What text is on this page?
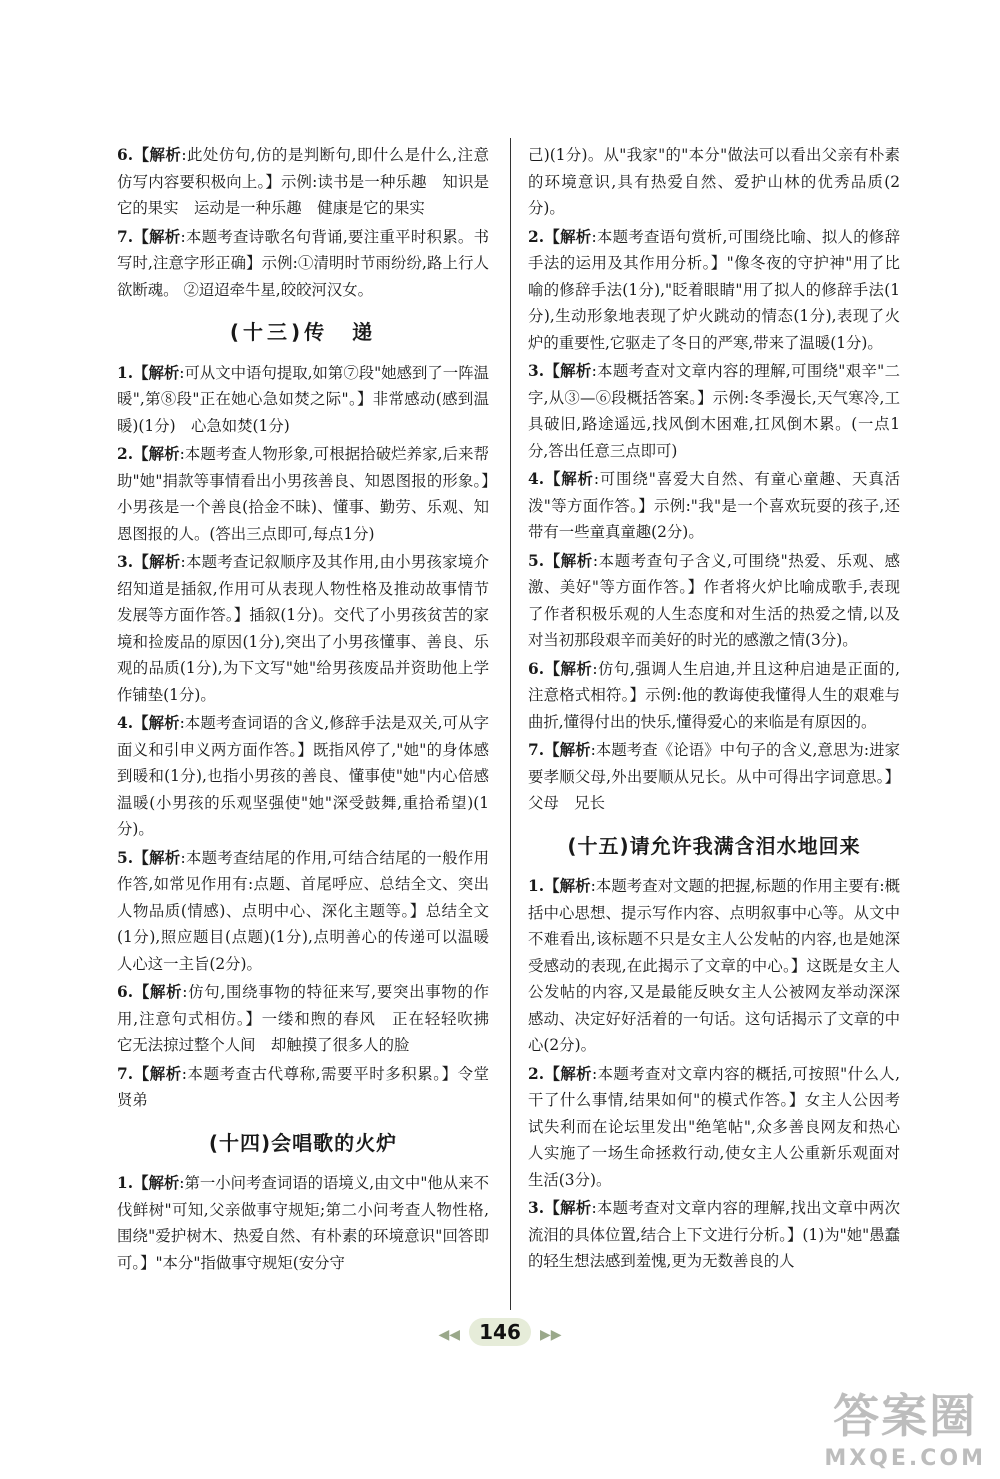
6.【解析:此处仿句,仿的是判断句,即什么是什么,注意仿写内容要积极向上。】示例:读书是一种乐趣　知识是它的果实　运动是一种乐趣　健康是它的果实

7.【解析:本题考查诗歌名句背诵,要注重平时积累。书写时,注意字形正确】示例:①清明时节雨纷纷,路上行人欲断魂。 ②迢迢牵牛星,皎皎河汉女。

(十三)传　递

1.【解析:可从文中语句提取,如第⑦段"她感到了一阵温暖",第⑧段"正在她心急如焚之际"。】非常感动(感到温暖)(1分)　心急如焚(1分)

2.【解析:本题考查人物形象,可根据拾破烂养家,后来帮助"她"捐款等事情看出小男孩善良、知恩图报的形象。】小男孩是一个善良(拾金不昧)、懂事、勤劳、乐观、知恩图报的人。(答出三点即可,每点1分)

3.【解析:本题考查记叙顺序及其作用,由小男孩家境介绍知道是插叙,作用可从表现人物性格及推动故事情节发展等方面作答。】插叙(1分)。交代了小男孩贫苦的家境和捡废品的原因(1分),突出了小男孩懂事、善良、乐观的品质(1分),为下文写"她"给男孩废品并资助他上学作铺垫(1分)。

4.【解析:本题考查词语的含义,修辞手法是双关,可从字面义和引申义两方面作答。】既指风停了,"她"的身体感到暖和(1分),也指小男孩的善良、懂事使"她"内心倍感温暖(小男孩的乐观坚强使"她"深受鼓舞,重拾希望)(1分)。

5.【解析:本题考查结尾的作用,可结合结尾的一般作用作答,如常见作用有:点题、首尾呼应、总结全文、突出人物品质(情感)、点明中心、深化主题等。】总结全文(1分),照应题目(点题)(1分),点明善心的传递可以温暖人心这一主旨(2分)。

6.【解析:仿句,围绕事物的特征来写,要突出事物的作用,注意句式相仿。】一缕和煦的春风　正在轻轻吹拂　它无法掠过整个人间　却触摸了很多人的脸

7.【解析:本题考查古代尊称,需要平时多积累。】令堂　贤弟

(十四)会唱歌的火炉

1.【解析:第一小问考查词语的语境义,由文中"他从来不伐鲜树"可知,父亲做事守规矩;第二小问考查人物性格,围绕"爱护树木、热爱自然、有朴素的环境意识"回答即可。】"本分"指做事守规矩(安分守

己)(1分)。从"我家"的"本分"做法可以看出父亲有朴素的环境意识,具有热爱自然、爱护山林的优秀品质(2分)。

2.【解析:本题考查语句赏析,可围绕比喻、拟人的修辞手法的运用及其作用分析。】"像冬夜的守护神"用了比喻的修辞手法(1分),"眨着眼睛"用了拟人的修辞手法(1分),生动形象地表现了炉火跳动的情态(1分),表现了火炉的重要性,它驱走了冬日的严寒,带来了温暖(1分)。

3.【解析:本题考查对文章内容的理解,可围绕"艰辛"二字,从③—⑥段概括答案。】示例:冬季漫长,天气寒冷,工具破旧,路途遥远,找风倒木困难,扛风倒木累。(一点1分,答出任意三点即可)

4.【解析:可围绕"喜爱大自然、有童心童趣、天真活泼"等方面作答。】示例:"我"是一个喜欢玩耍的孩子,还带有一些童真童趣(2分)。

5.【解析:本题考查句子含义,可围绕"热爱、乐观、感激、美好"等方面作答。】作者将火炉比喻成歌手,表现了作者积极乐观的人生态度和对生活的热爱之情,以及对当初那段艰辛而美好的时光的感激之情(3分)。

6.【解析:仿句,强调人生启迪,并且这种启迪是正面的,注意格式相符。】示例:他的教诲使我懂得人生的艰难与曲折,懂得付出的快乐,懂得爱心的来临是有原因的。

7.【解析:本题考查《论语》中句子的含义,意思为:进家要孝顺父母,外出要顺从兄长。从中可得出字词意思。】父母　兄长

(十五)请允许我满含泪水地回来

1.【解析:本题考查对文题的把握,标题的作用主要有:概括中心思想、提示写作内容、点明叙事中心等。从文中不难看出,该标题不只是女主人公发帖的内容,也是她深受感动的表现,在此揭示了文章的中心。】这既是女主人公发帖的内容,又是最能反映女主人公被网友举动深深感动、决定好好活着的一句话。这句话揭示了文章的中心(2分)。

2.【解析:本题考查对文章内容的概括,可按照"什么人,干了什么事情,结果如何"的模式作答。】女主人公因考试失利而在论坛里发出"绝笔帖",众多善良网友和热心人实施了一场生命拯救行动,使女主人公重新乐观面对生活(3分)。

3.【解析:本题考查对文章内容的理解,找出文章中两次流泪的具体位置,结合上下文进行分析。】(1)为"她"愚蠢的轻生想法感到羞愧,更为无数善良的人

◀◀ 146 ▶▶
答案圈
MXQE.COM
